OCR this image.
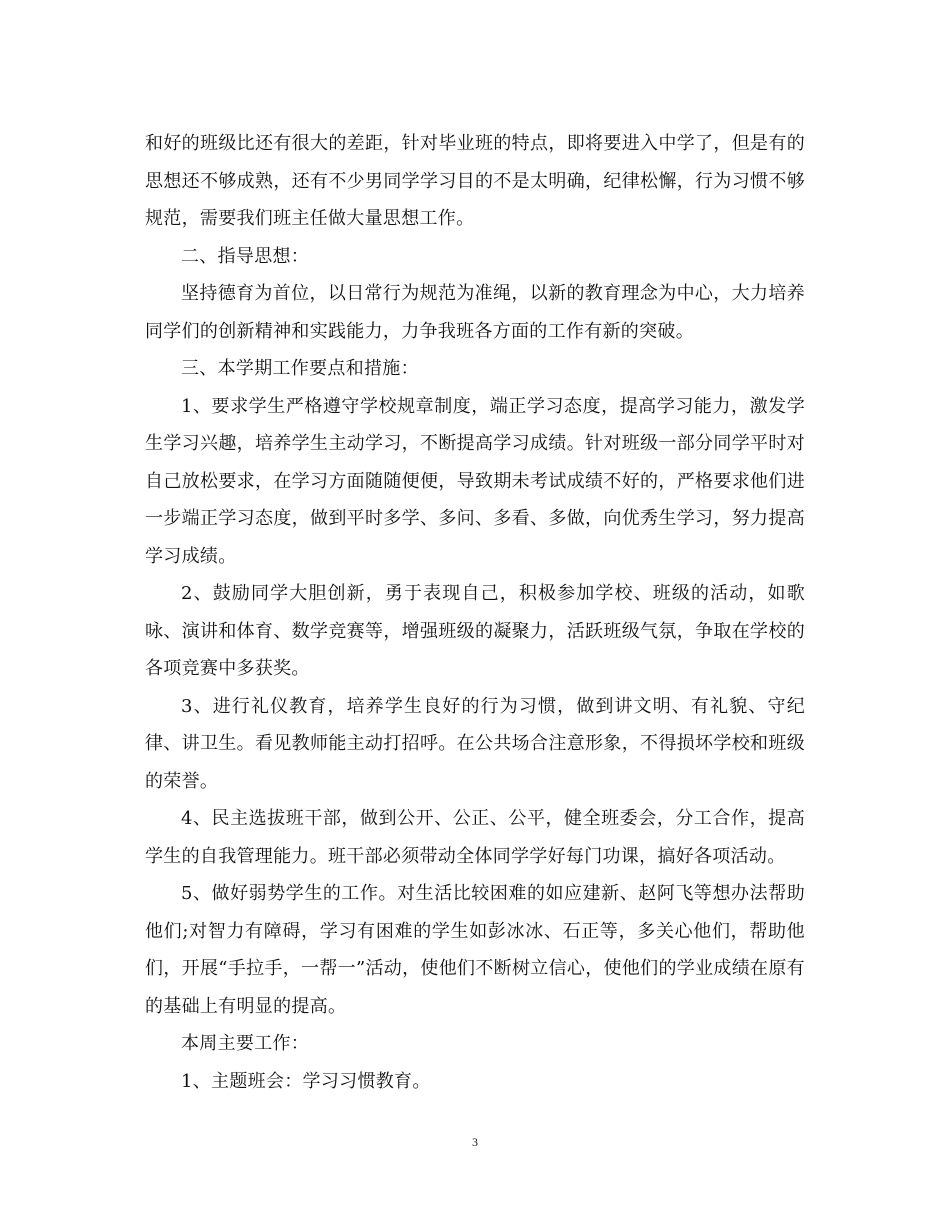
和好的班级比还有很大的差距，针对毕业班的特点，即将要进入中学了，但是有的思想还不够成熟，还有不少男同学学习目的不是太明确，纪律松懈，行为习惯不够规范，需要我们班主任做大量思想工作。

二、指导思想：

坚持德育为首位，以日常行为规范为准绳，以新的教育理念为中心，大力培养同学们的创新精神和实践能力，力争我班各方面的工作有新的突破。

三、本学期工作要点和措施：

1、要求学生严格遵守学校规章制度，端正学习态度，提高学习能力，激发学生学习兴趣，培养学生主动学习，不断提高学习成绩。针对班级一部分同学平时对自己放松要求，在学习方面随随便便，导致期未考试成绩不好的，严格要求他们进一步端正学习态度，做到平时多学、多问、多看、多做，向优秀生学习，努力提高学习成绩。

2、鼓励同学大胆创新，勇于表现自己，积极参加学校、班级的活动，如歌咏、演讲和体育、数学竞赛等，增强班级的凝聚力，活跃班级气氛，争取在学校的各项竞赛中多获奖。

3、进行礼仪教育，培养学生良好的行为习惯，做到讲文明、有礼貌、守纪律、讲卫生。看见教师能主动打招呼。在公共场合注意形象，不得损坏学校和班级的荣誉。

4、民主选拔班干部，做到公开、公正、公平，健全班委会，分工合作，提高学生的自我管理能力。班干部必须带动全体同学学好每门功课，搞好各项活动。

5、做好弱势学生的工作。对生活比较困难的如应建新、赵阿飞等想办法帮助他们;对智力有障碍，学习有困难的学生如彭冰冰、石正等，多关心他们，帮助他们，开展“手拉手，一帮一”活动，使他们不断树立信心，使他们的学业成绩在原有的基础上有明显的提高。

本周主要工作：

1、主题班会：学习习惯教育。

3
